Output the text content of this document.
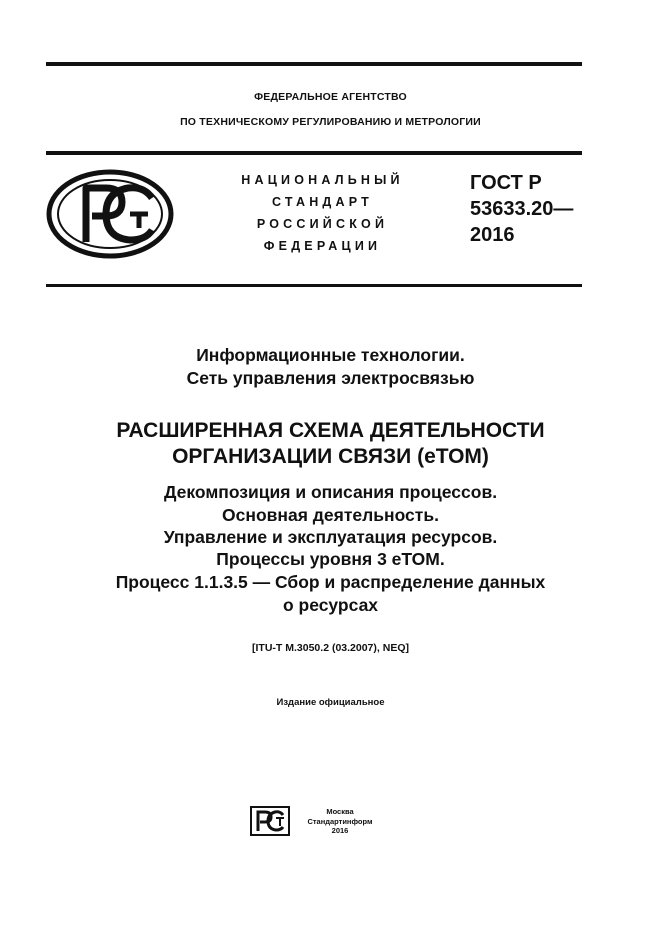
ФЕДЕРАЛЬНОЕ АГЕНТСТВО
ПО ТЕХНИЧЕСКОМУ РЕГУЛИРОВАНИЮ И МЕТРОЛОГИИ
НАЦИОНАЛЬНЫЙ
СТАНДАРТ
РОССИЙСКОЙ
ФЕДЕРАЦИИ
ГОСТ Р
53633.20—
2016
Информационные технологии.
Сеть управления электросвязью
РАСШИРЕННАЯ СХЕМА ДЕЯТЕЛЬНОСТИ
ОРГАНИЗАЦИИ СВЯЗИ (еТОМ)
Декомпозиция и описания процессов.
Основная деятельность.
Управление и эксплуатация ресурсов.
Процессы уровня 3 еТОМ.
Процесс 1.1.3.5 — Сбор и распределение данных
о ресурсах
[ITU-T M.3050.2 (03.2007), NEQ]
Издание официальное
Москва
Стандартинформ
2016
